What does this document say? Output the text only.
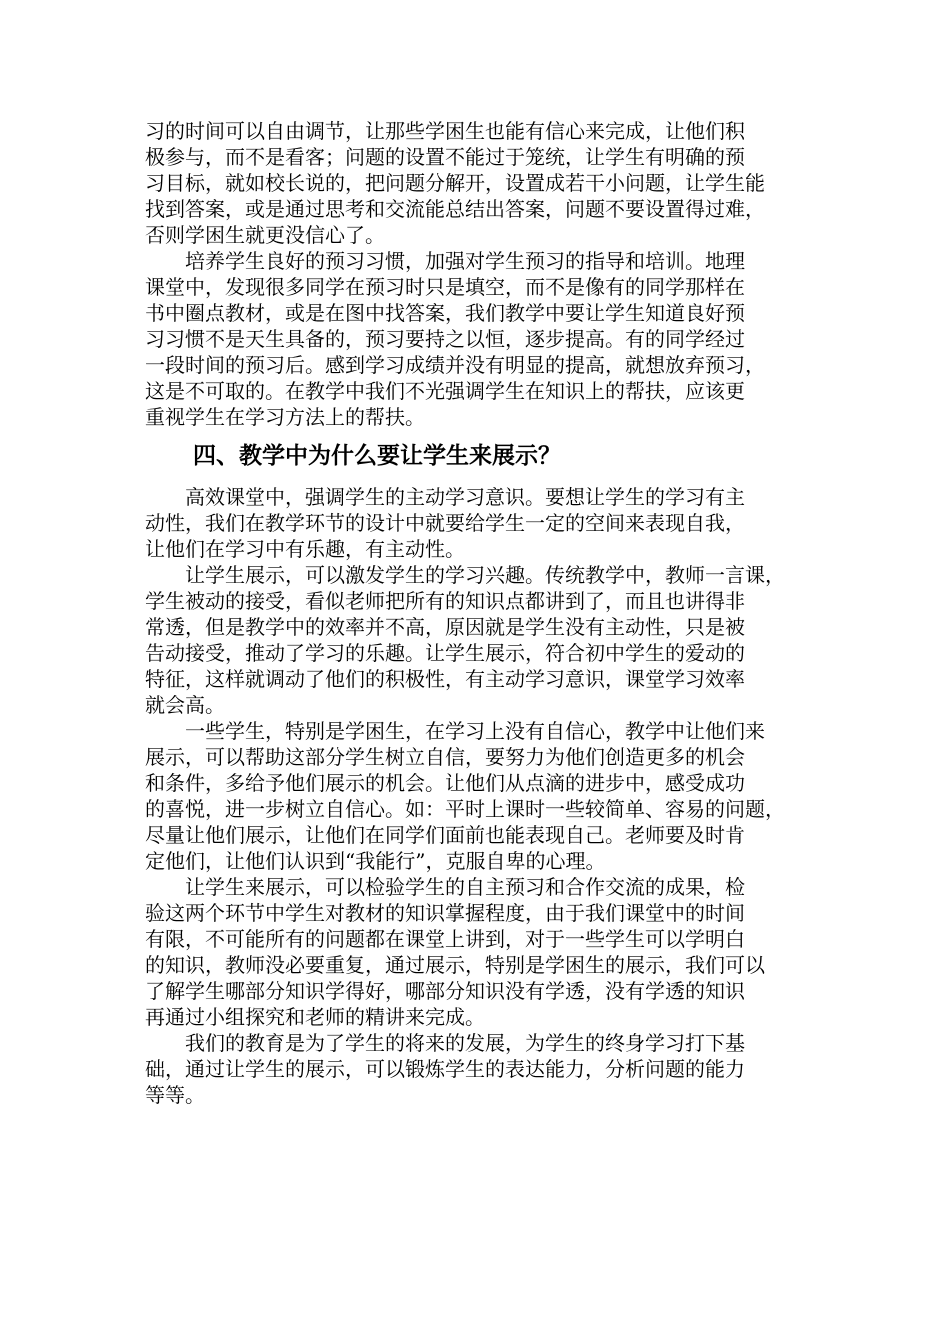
习的时间可以自由调节，让那些学困生也能有信心来完成，让他们积
极参与，而不是看客；问题的设置不能过于笼统，让学生有明确的预
习目标，就如校长说的，把问题分解开，设置成若干小问题，让学生能
找到答案，或是通过思考和交流能总结出答案，问题不要设置得过难，
否则学困生就更没信心了。
培养学生良好的预习习惯，加强对学生预习的指导和培训。地理
课堂中，发现很多同学在预习时只是填空，而不是像有的同学那样在
书中圈点教材，或是在图中找答案，我们教学中要让学生知道良好预
习习惯不是天生具备的，预习要持之以恒，逐步提高。有的同学经过
一段时间的预习后。感到学习成绩并没有明显的提高，就想放弃预习，
这是不可取的。在教学中我们不光强调学生在知识上的帮扶，应该更
重视学生在学习方法上的帮扶。
四、教学中为什么要让学生来展示？
高效课堂中，强调学生的主动学习意识。要想让学生的学习有主
动性，我们在教学环节的设计中就要给学生一定的空间来表现自我，
让他们在学习中有乐趣，有主动性。
让学生展示，可以激发学生的学习兴趣。传统教学中，教师一言课，
学生被动的接受，看似老师把所有的知识点都讲到了，而且也讲得非
常透，但是教学中的效率并不高，原因就是学生没有主动性，只是被
告动接受，推动了学习的乐趣。让学生展示，符合初中学生的爱动的
特征，这样就调动了他们的积极性，有主动学习意识，课堂学习效率
就会高。
一些学生，特别是学困生，在学习上没有自信心，教学中让他们来
展示，可以帮助这部分学生树立自信，要努力为他们创造更多的机会
和条件，多给予他们展示的机会。让他们从点滴的进步中，感受成功
的喜悦，进一步树立自信心。如：平时上课时一些较简单、容易的问题，
尽量让他们展示，让他们在同学们面前也能表现自己。老师要及时肯
定他们，让他们认识到“我能行”，克服自卑的心理。
让学生来展示，可以检验学生的自主预习和合作交流的成果，检
验这两个环节中学生对教材的知识掌握程度，由于我们课堂中的时间
有限，不可能所有的问题都在课堂上讲到，对于一些学生可以学明白
的知识，教师没必要重复，通过展示，特别是学困生的展示，我们可以
了解学生哪部分知识学得好，哪部分知识没有学透，没有学透的知识
再通过小组探究和老师的精讲来完成。
我们的教育是为了学生的将来的发展，为学生的终身学习打下基
础，通过让学生的展示，可以锻炼学生的表达能力，分析问题的能力
等等。
